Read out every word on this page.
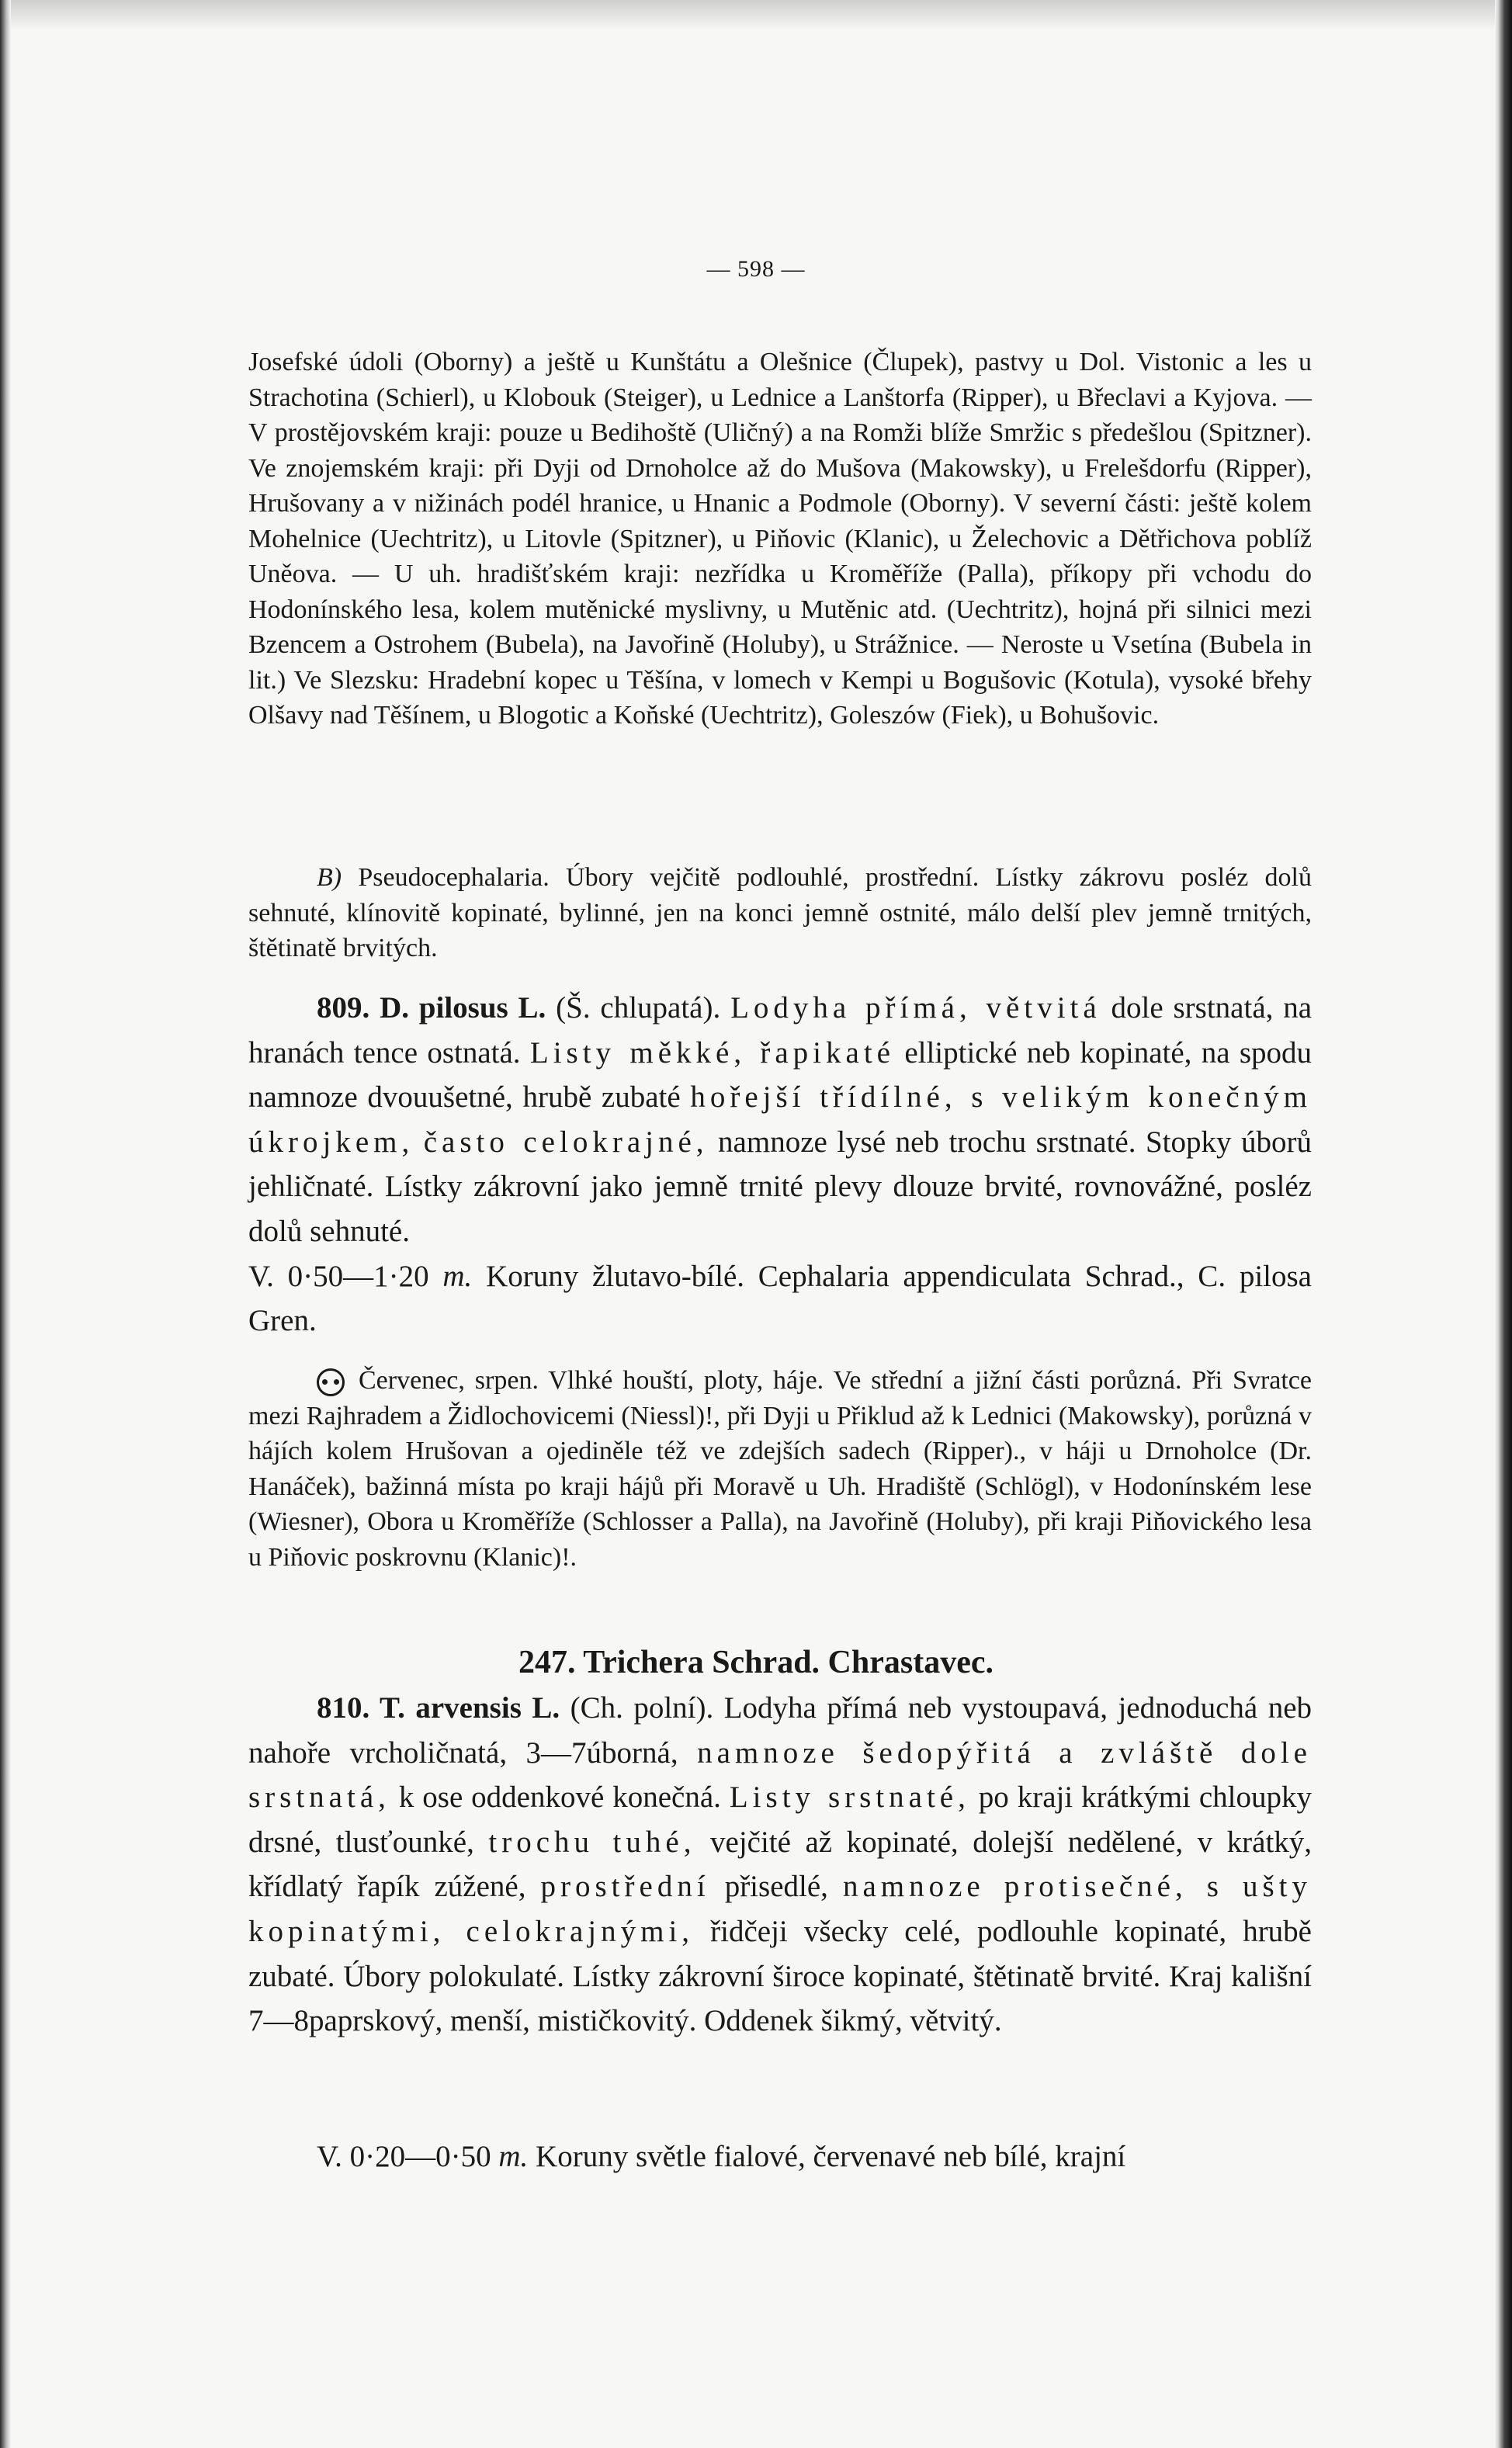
— 598 —

Josefské údoli (Oborny) a ještě u Kunštátu a Olešnice (Člupek), pastvy u Dol. Vistonic a les u Strachotina (Schierl), u Klobouk (Steiger), u Lednice a Lanštorfa (Ripper), u Břeclavi a Kyjova. — V prostějovském kraji: pouze u Bedihoště (Uličný) a na Romži blíže Smržic s předešlou (Spitzner). Ve znojemském kraji: při Dyji od Drnoholce až do Mušova (Makowsky), u Frelešdorfu (Ripper), Hrušovany a v nižinách podél hranice, u Hnanic a Podmole (Oborny). V severní části: ještě kolem Mohelnice (Uechtritz), u Litovle (Spitzner), u Piňovic (Klanic), u Želechovic a Dětřichova poblíž Uněova. — U uh. hradišťském kraji: nezřídka u Kroměříže (Palla), příkopy při vchodu do Hodonínského lesa, kolem mutěnické myslivny, u Mutěnic atd. (Uechtritz), hojná při silnici mezi Bzencem a Ostrohem (Bubela), na Javořině (Holuby), u Strážnice. — Neroste u Vsetína (Bubela in lit.) Ve Slezsku: Hradební kopec u Těšína, v lomech v Kempi u Bogušovic (Kotula), vysoké břehy Olšavy nad Těšínem, u Blogotic a Koňské (Uechtritz), Goleszów (Fiek), u Bohušovic.

B) Pseudocephalaria. Úbory vejčitě podlouhlé, prostřední. Lístky zákrovu posléz dolů sehnuté, klínovitě kopinaté, bylinné, jen na konci jemně ostnité, málo delší plev jemně trnitých, štětinatě brvitých.

809. D. pilosus L. (Š. chlupatá). Lodyha přímá, větvitá dole srstnatá, na hranách tence ostnatá. Listy měkké, řapikaté elliptické neb kopinaté, na spodu namnoze dvouušetné, hrubě zubaté hořejší třídílné, s velikým konečným úkrojkem, často celokrajné, namnoze lysé neb trochu srstnaté. Stopky úborů jehličnaté. Lístky zákrovní jako jemně trnité plevy dlouze brvité, rovnovážné, posléz dolů sehnuté.
V. 0·50—1·20 m. Koruny žlutavo-bílé. Cephalaria appendiculata Schrad., C. pilosa Gren.

Červenec, srpen. Vlhké houští, ploty, háje. Ve střední a jižní části porůzná. Při Svratce mezi Rajhradem a Židlochovicemi (Niessl)!, při Dyji u Přiklud až k Lednici (Makowsky), porůzná v hájích kolem Hrušovan a ojediněle též ve zdejších sadech (Ripper)., v háji u Drnoholce (Dr. Hanáček), bažinná místa po kraji hájů při Moravě u Uh. Hradiště (Schlögl), v Hodonínském lese (Wiesner), Obora u Kroměříže (Schlosser a Palla), na Javořině (Holuby), při kraji Piňovického lesa u Piňovic poskrovnu (Klanic)!.

247. Trichera Schrad. Chrastavec.

810. T. arvensis L. (Ch. polní). Lodyha přímá neb vystoupavá, jednoduchá neb nahoře vrcholičnatá, 3—7úborná, namnoze šedopýřitá a zvláště dole srstnatá, k ose oddenkové konečná. Listy srstnaté, po kraji krátkými chloupky drsné, tlusťounké, trochu tuhé, vejčité až kopinaté, dolejší nedělené, v krátký, křídlatý řapík zúžené, prostřední přisedlé, namnoze protisečné, s ušty kopinatými, celokrajnými, řidčeji všecky celé, podlouhle kopinaté, hrubě zubaté. Úbory polokulaté. Lístky zákrovní široce kopinaté, štětinatě brvité. Kraj kališní 7—8paprskový, menší, mističkovitý. Oddenek šikmý, větvitý.

V. 0·20—0·50 m. Koruny světle fialové, červenavé neb bílé, krajní
